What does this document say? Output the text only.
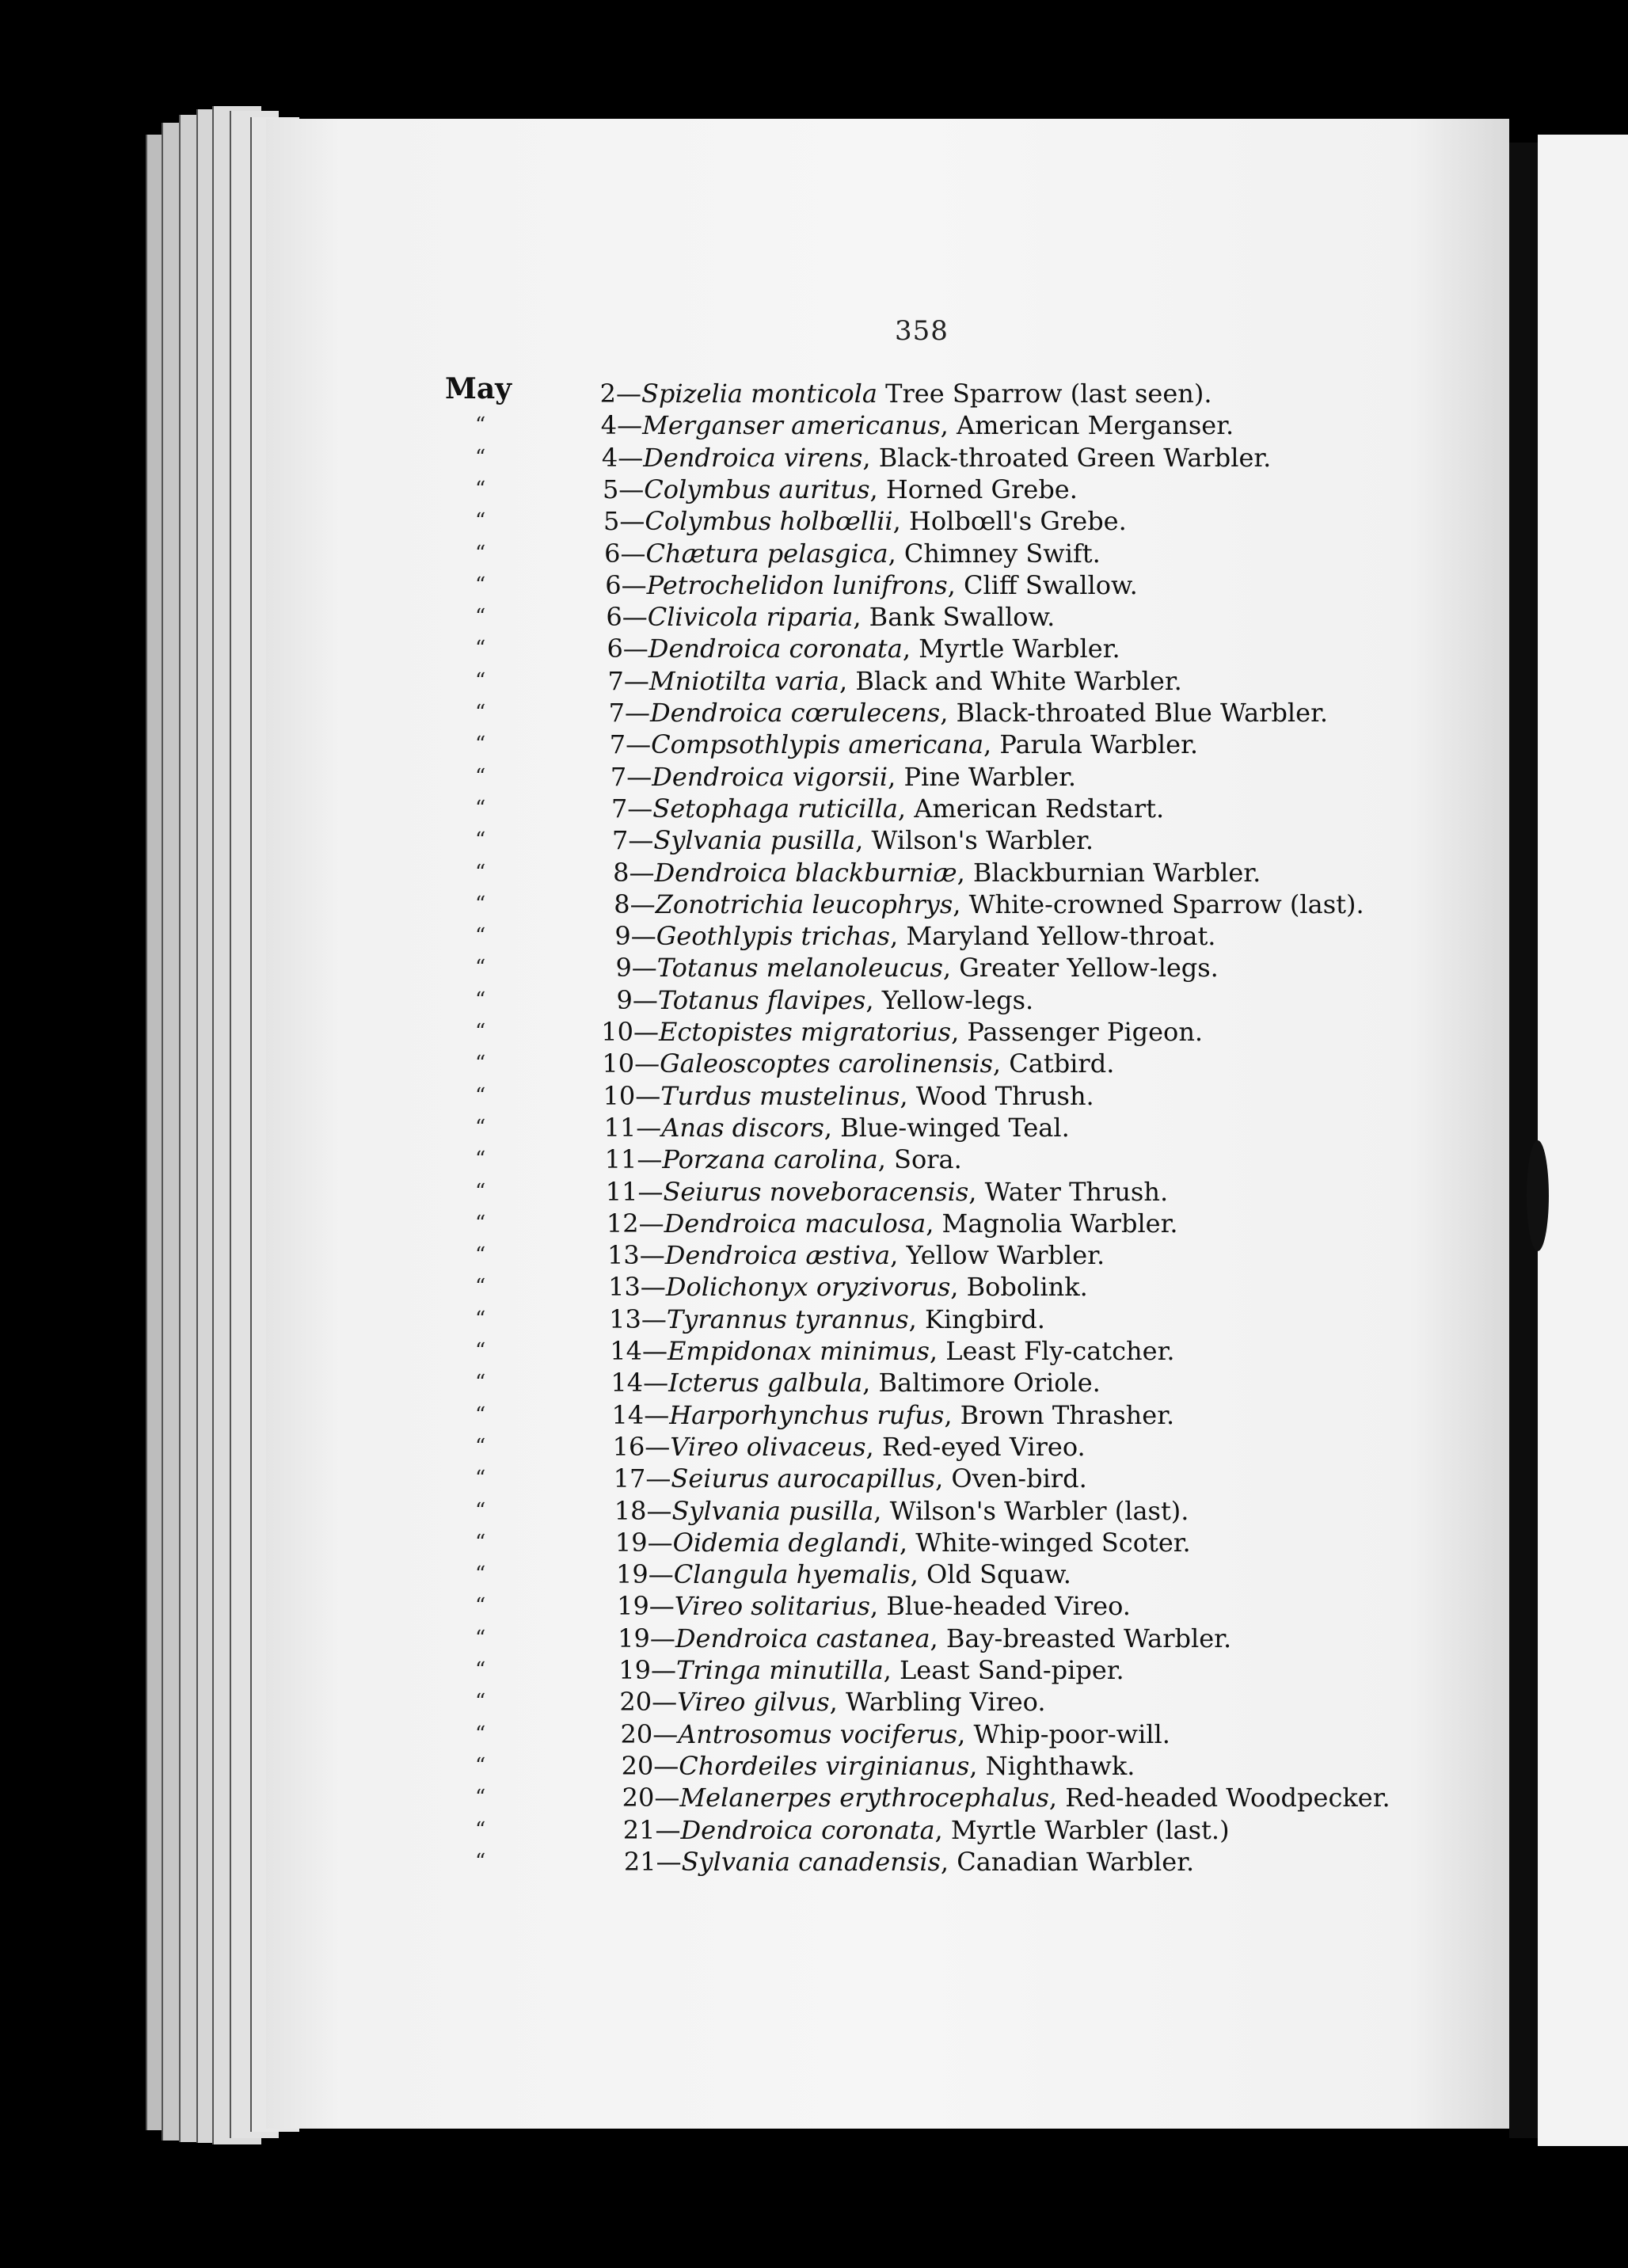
358
May	2—Spizelia monticola Tree Sparrow (last seen).
“	4—Merganser americanus, American Merganser.
“	4—Dendroica virens, Black-throated Green Warbler.
“	5—Colymbus auritus, Horned Grebe.
“	5—Colymbus holbœllii, Holbœll's Grebe.
“	6—Chætura pelasgica, Chimney Swift.
“	6—Petrochelidon lunifrons, Cliff Swallow.
“	6—Clivicola riparia, Bank Swallow.
“	6—Dendroica coronata, Myrtle Warbler.
“	7—Mniotilta varia, Black and White Warbler.
“	7—Dendroica cœrulecens, Black-throated Blue Warbler.
“	7—Compsothlypis americana, Parula Warbler.
“	7—Dendroica vigorsii, Pine Warbler.
“	7—Setophaga ruticilla, American Redstart.
“	7—Sylvania pusilla, Wilson's Warbler.
“	8—Dendroica blackburniæ, Blackburnian Warbler.
“	8—Zonotrichia leucophrys, White-crowned Sparrow (last).
“	9—Geothlypis trichas, Maryland Yellow-throat.
“	9—Totanus melanoleucus, Greater Yellow-legs.
“	9—Totanus flavipes, Yellow-legs.
“	10—Ectopistes migratorius, Passenger Pigeon.
“	10—Galeoscoptes carolinensis, Catbird.
“	10—Turdus mustelinus, Wood Thrush.
“	11—Anas discors, Blue-winged Teal.
“	11—Porzana carolina, Sora.
“	11—Seiurus noveboracensis, Water Thrush.
“	12—Dendroica maculosa, Magnolia Warbler.
“	13—Dendroica æstiva, Yellow Warbler.
“	13—Dolichonyx oryzivorus, Bobolink.
“	13—Tyrannus tyrannus, Kingbird.
“	14—Empidonax minimus, Least Fly-catcher.
“	14—Icterus galbula, Baltimore Oriole.
“	14—Harporhynchus rufus, Brown Thrasher.
“	16—Vireo olivaceus, Red-eyed Vireo.
“	17—Seiurus aurocapillus, Oven-bird.
“	18—Sylvania pusilla, Wilson's Warbler (last).
“	19—Oidemia deglandi, White-winged Scoter.
“	19—Clangula hyemalis, Old Squaw.
“	19—Vireo solitarius, Blue-headed Vireo.
“	19—Dendroica castanea, Bay-breasted Warbler.
“	19—Tringa minutilla, Least Sand-piper.
“	20—Vireo gilvus, Warbling Vireo.
“	20—Antrosomus vociferus, Whip-poor-will.
“	20—Chordeiles virginianus, Nighthawk.
“	20—Melanerpes erythrocephalus, Red-headed Woodpecker.
“	21—Dendroica coronata, Myrtle Warbler (last.)
“	21—Sylvania canadensis, Canadian Warbler.
